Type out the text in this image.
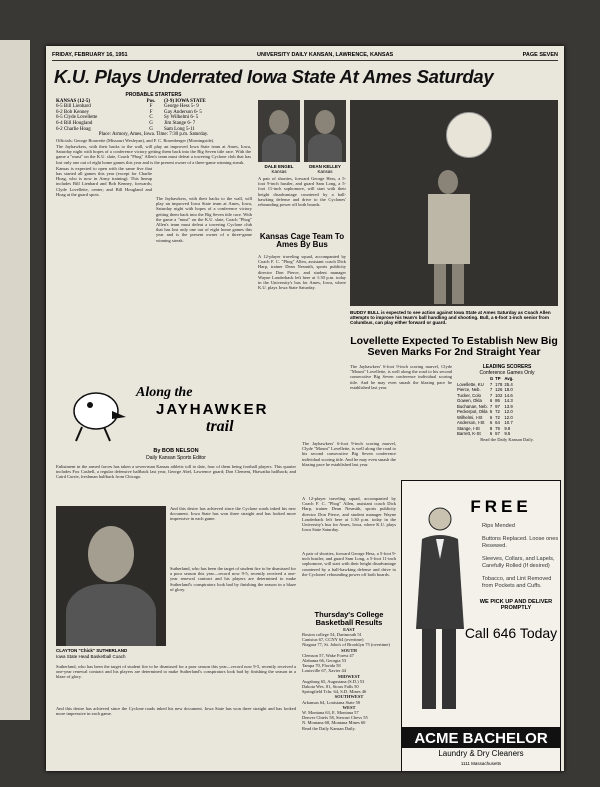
FRIDAY, FEBRUARY 16, 1951	UNIVERSITY DAILY KANSAN, LAWRENCE, KANSAS	PAGE SEVEN
K.U. Plays Underrated Iowa State At Ames Saturday
PROBABLE STARTERS
KANSAS (12-5)	Pos.	(3-9) IOWA STATE
6-5 Bill Lienhard	F	George Hess 5- 9
6-2 Bob Kenney	F	Gay Anderson 6- 5
6-5 Clyde Lovellette	C	Sy Wilhelmi 6- 5
6-4 Bill Hougland	G	Jim Stange 6- 7
6-2 Charlie Hoag	G	Sam Long 5-11
Place: Armory, Ames, Iowa. Time: 7:30 p.m. Saturday.
Officials: George Bourrette (Missouri Wesleyan), and F. C. Rosenberger (Morningside).
The Jayhawkers, with their backs to the wall, will play an improved Iowa State team at Ames, Iowa, Saturday night with hopes of a conference victory getting them back into the Big Seven title race. With the game a "must" on the K.U. slate, Coach "Phog" Allen's team must defeat a towering Cyclone club that has lost only one out of eight home games this year and is the present owner of a three-game winning streak.
Kansas is expected to open with the same five that has started all games this year (except for Charlie Hoag, who is now in Army training). This lineup includes Bill Lienhard and Bob Kenney, forwards; Clyde Lovellette, center; and Bill Hougland and Hoag at the guard spots.
DALE ENGEL
Kansas
DEAN KELLEY
Kansas
A pair of shorties, forward George Hess, a 5-foot 9-inch hustler, and guard Sam Long, a 5-foot 11-inch sophomore, will start with their height disadvantage countered by a ball-hawking defense and drive to the Cyclones' rebounding power off both boards.
BUDDY BULL is expected to see action against Iowa State at Ames Saturday as Coach Allen attempts to improve his team's ball handling and shooting. Bull, a 6-foot 1-inch senior from Columbus, can play either forward or guard.
Kansas Cage Team To Ames By Bus
A 12-player traveling squad, accompanied by Coach F. C. "Phog" Allen, assistant coach Dick Harp, trainer Dean Nesmith, sports publicity director Don Pierce, and student manager Wayne Louderback left here at 1:30 p.m. today in the University's bus for Ames, Iowa, where K.U. plays Iowa State Saturday.
The Jayhawkers, with their backs to the wall, will play an improved Iowa State team at Ames, Iowa, Saturday night with hopes of a conference victory getting them back into the Big Seven title race. With the game a "must" on the K.U. slate, Coach "Phog" Allen's team must defeat a towering Cyclone club that has lost only one out of eight home games this year and is the present owner of a three-game winning streak.
Lovellette Expected To Establish New Big Seven Marks For 2nd Straight Year
The Jayhawkers' 6-foot 9-inch scoring marvel, Clyde "Mount" Lovellette, is well along the road to his second consecutive Big Seven conference individual scoring title. And he may even smash the blazing pace he established last year.
LEADING SCORERS
Conference Games Only
	G	TP	Avg.
Lovellette, KU	7	178	25.4
Pierce, Neb.	7	126	18.0
Tucker, Colo	7	102	14.6
Gowen, Okla	6	86	14.3
Buchanan, Neb.	7	97	13.9
Peckerpot, Okla	6	72	12.0
Wilhelmi, I-St	6	72	12.0
Anderson, I-St	6	64	10.7
Stange, I-St	8	79	9.9
Barrett, K-St	6	57	9.5
Read the Daily Kansan Daily.
Along the
JAYHAWKER
trail
By BOB NELSON
Daily Kansan Sports Editor
Enlistment in the armed forces has taken a seven-man Kansas athletic toll to date, four of them being football players. This quarter includes Fox Cashell, a regular defensive halfback last year, George Abel, Lawrence guard; Don Clement, Hiawatha halfback; and Caird Currie, freshman halfback from Chicago.
CLAYTON "Chick" SUTHERLAND
Iowa State Head Basketball Coach
And this desire has achieved since the Cyclone roads inked his new document. Iowa State has won three straight and has looked more impressive in each game.
Sutherland, who has been the target of student fire to be dismissed for a poor season this year—record now 9-5, recently received a one-year renewal contract and his players are determined to make Sutherland's conspirators look bad by finishing the season in a blaze of glory.
Sutherland, who has been the target of student fire to be dismissed for a poor season this year—record now 9-5, recently received a one-year renewal contract and his players are determined to make Sutherland's conspirators look bad by finishing the season in a blaze of glory.
And this desire has achieved since the Cyclone roads inked his new document. Iowa State has won three straight and has looked more impressive in each game.
Thursday's College Basketball Results
EAST
Boston college 54, Dartmouth 51
Canisius 67, CCNY 64 (overtime)
Niagara 77, St. John's of Brooklyn 75 (overtime)
SOUTH
Clemson 57, Wake Forest 47
Alabama 66, Georgia 53
Tampa 70, Florida 58
Louisville 67, Xavier 44
MIDWEST
Augsburg 65, Augustana (S.D.) 53
Dakota Wes. 81, Sioux Falls 50
Springfield Tchr. 64, S.D. Mines 46
SOUTHWEST
Arkansas 64, Louisiana State 50
WEST
W. Montana 63, E. Montana 57
Denver Chiefs 58, Stewart Chevs 55
N. Montana 68, Montana Mines 60
Read the Daily Kansan Daily.
The Jayhawkers' 6-foot 9-inch scoring marvel, Clyde "Mount" Lovellette, is well along the road to his second consecutive Big Seven conference individual scoring title. And he may even smash the blazing pace he established last year.
A 12-player traveling squad, accompanied by Coach F. C. "Phog" Allen, assistant coach Dick Harp, trainer Dean Nesmith, sports publicity director Don Pierce, and student manager Wayne Louderback left here at 1:30 p.m. today in the University's bus for Ames, Iowa, where K.U. plays Iowa State Saturday.
A pair of shorties, forward George Hess, a 5-foot 9-inch hustler, and guard Sam Long, a 5-foot 11-inch sophomore, will start with their height disadvantage countered by a ball-hawking defense and drive to the Cyclones' rebounding power off both boards.
FREE
Rips Mended
Buttons Replaced. Loose ones Resewed.
Sleeves, Collars, and Lapels, Carefully Rolled (If desired)
Tobacco, and Lint Removed from Pockets and Cuffs.
WE PICK UP AND DELIVER PROMPTLY
Call 646 Today
ACME BACHELOR
Laundry & Dry Cleaners
1111 Massachusetts
